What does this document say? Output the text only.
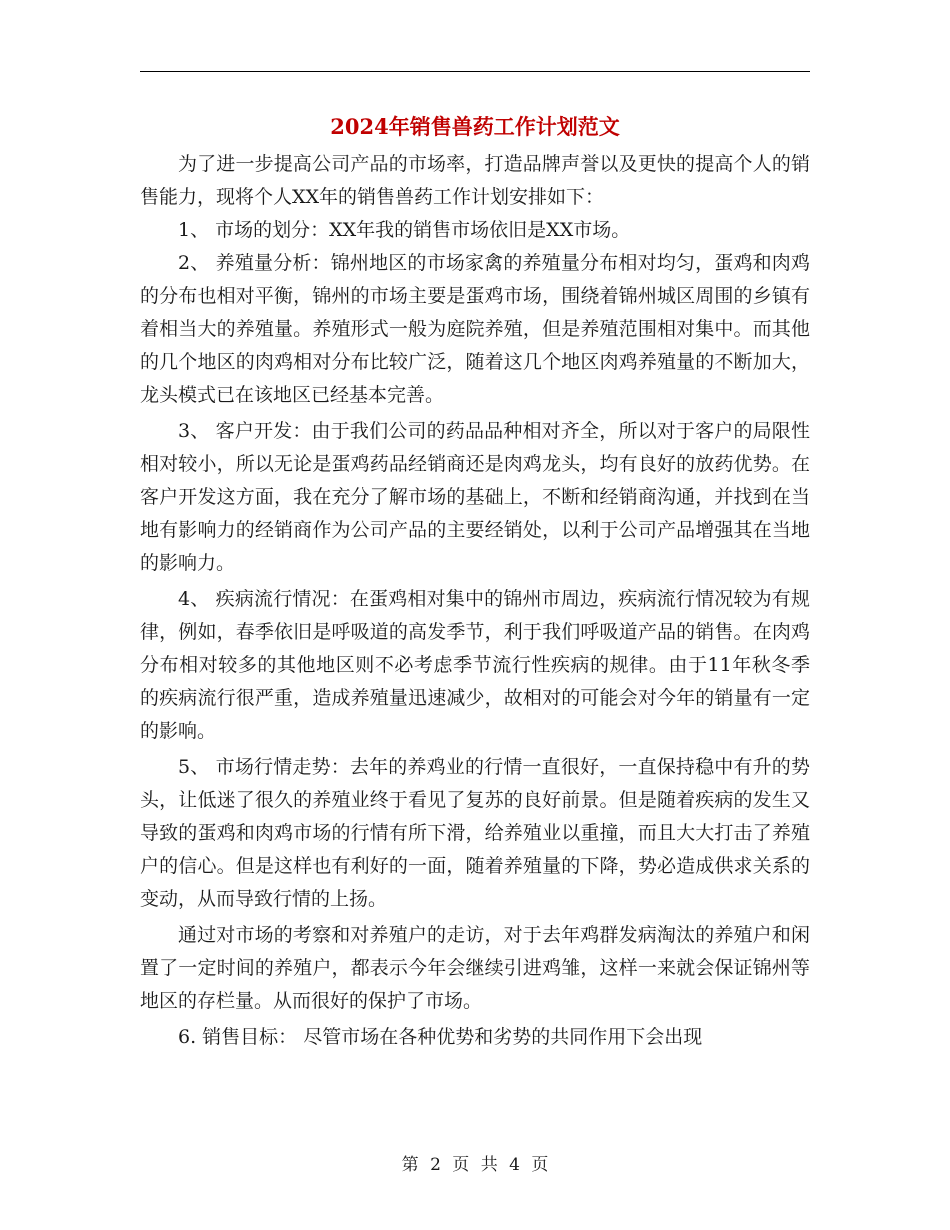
2024年销售兽药工作计划范文

为了进一步提高公司产品的市场率，打造品牌声誉以及更快的提高个人的销售能力，现将个人XX年的销售兽药工作计划安排如下：

1、 市场的划分：XX年我的销售市场依旧是XX市场。

2、 养殖量分析：锦州地区的市场家禽的养殖量分布相对均匀，蛋鸡和肉鸡的分布也相对平衡，锦州的市场主要是蛋鸡市场，围绕着锦州城区周围的乡镇有着相当大的养殖量。养殖形式一般为庭院养殖，但是养殖范围相对集中。而其他的几个地区的肉鸡相对分布比较广泛，随着这几个地区肉鸡养殖量的不断加大，龙头模式已在该地区已经基本完善。

3、 客户开发：由于我们公司的药品品种相对齐全，所以对于客户的局限性相对较小，所以无论是蛋鸡药品经销商还是肉鸡龙头，均有良好的放药优势。在客户开发这方面，我在充分了解市场的基础上，不断和经销商沟通，并找到在当地有影响力的经销商作为公司产品的主要经销处，以利于公司产品增强其在当地的影响力。

4、 疾病流行情况：在蛋鸡相对集中的锦州市周边，疾病流行情况较为有规律，例如，春季依旧是呼吸道的高发季节，利于我们呼吸道产品的销售。在肉鸡分布相对较多的其他地区则不必考虑季节流行性疾病的规律。由于11年秋冬季的疾病流行很严重，造成养殖量迅速减少，故相对的可能会对今年的销量有一定的影响。

5、 市场行情走势：去年的养鸡业的行情一直很好，一直保持稳中有升的势头，让低迷了很久的养殖业终于看见了复苏的良好前景。但是随着疾病的发生又导致的蛋鸡和肉鸡市场的行情有所下滑，给养殖业以重撞，而且大大打击了养殖户的信心。但是这样也有利好的一面，随着养殖量的下降，势必造成供求关系的变动，从而导致行情的上扬。

通过对市场的考察和对养殖户的走访，对于去年鸡群发病淘汰的养殖户和闲置了一定时间的养殖户，都表示今年会继续引进鸡雏，这样一来就会保证锦州等地区的存栏量。从而很好的保护了市场。

6. 销售目标： 尽管市场在各种优势和劣势的共同作用下会出现

第 2 页 共 4 页
